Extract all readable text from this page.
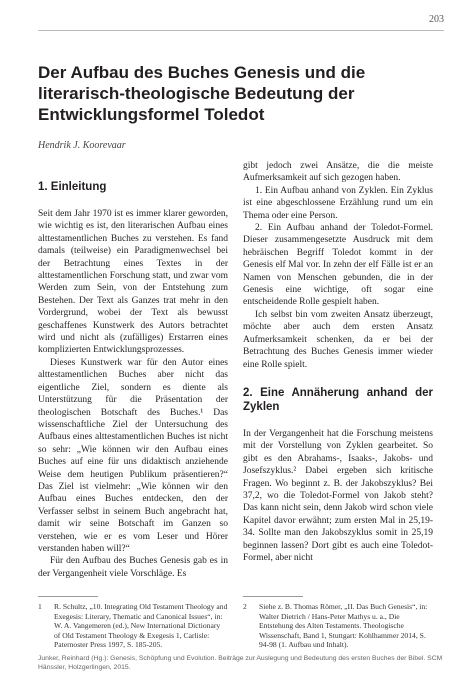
203
Der Aufbau des Buches Genesis und die literarisch-theologische Bedeutung der Entwicklungsformel Toledot

Hendrik J. Koorevaar

1. Einleitung

Seit dem Jahr 1970 ist es immer klarer geworden, wie wichtig es ist, den literarischen Aufbau eines alttestamentlichen Buches zu verstehen. Es fand damals (teilweise) ein Paradigmenwechsel bei der Betrachtung eines Textes in der alttestamentlichen Forschung statt, und zwar vom Werden zum Sein, von der Entstehung zum Bestehen. Der Text als Ganzes trat mehr in den Vordergrund, wobei der Text als bewusst geschaffenes Kunstwerk des Autors betrachtet wird und nicht als (zufälliges) Erstarren eines komplizierten Entwicklungsprozesses.

Dieses Kunstwerk war für den Autor eines alttestamentlichen Buches aber nicht das eigentliche Ziel, sondern es diente als Unterstützung für die Präsentation der theologischen Botschaft des Buches.¹ Das wissenschaftliche Ziel der Untersuchung des Aufbaus eines alttestamentlichen Buches ist nicht so sehr: „Wie können wir den Aufbau eines Buches auf eine für uns didaktisch anziehende Weise dem heutigen Publikum präsentieren?“ Das Ziel ist vielmehr: „Wie können wir den Aufbau eines Buches entdecken, den der Verfasser selbst in seinem Buch angebracht hat, damit wir seine Botschaft im Ganzen so verstehen, wie er es vom Leser und Hörer verstanden haben will?“

Für den Aufbau des Buches Genesis gab es in der Vergangenheit viele Vorschläge. Es

gibt jedoch zwei Ansätze, die die meiste Aufmerksamkeit auf sich gezogen haben.

1. Ein Aufbau anhand von Zyklen. Ein Zyklus ist eine abgeschlossene Erzählung rund um ein Thema oder eine Person.

2. Ein Aufbau anhand der Toledot-Formel. Dieser zusammengesetzte Ausdruck mit dem hebräischen Begriff Toledot kommt in der Genesis elf Mal vor. In zehn der elf Fälle ist er an Namen von Menschen gebunden, die in der Genesis eine wichtige, oft sogar eine entscheidende Rolle gespielt haben.

Ich selbst bin vom zweiten Ansatz überzeugt, möchte aber auch dem ersten Ansatz Aufmerksamkeit schenken, da er bei der Betrachtung des Buches Genesis immer wieder eine Rolle spielt.

2. Eine Annäherung anhand der Zyklen

In der Vergangenheit hat die Forschung meistens mit der Vorstellung von Zyklen gearbeitet. So gibt es den Abrahams-, Isaaks-, Jakobs- und Josefszyklus.² Dabei ergeben sich kritische Fragen. Wo beginnt z. B. der Jakobszyklus? Bei 37,2, wo die Toledot-Formel von Jakob steht? Das kann nicht sein, denn Jakob wird schon viele Kapitel davor erwähnt; zum ersten Mal in 25,19-34. Sollte man den Jakobszyklus somit in 25,19 beginnen lassen? Dort gibt es auch eine Toledot-Formel, aber nicht

1 R. Schultz, „10. Integrating Old Testament Theology and Exegesis: Literary, Thematic and Canonical Issues“, in: W. A. Vangemeren (ed.), New International Dictionary of Old Testament Theology & Exegesis 1, Carlisle: Paternoster Press 1997, S. 185-205.
2 Siehe z. B. Thomas Römer, „II. Das Buch Genesis“, in: Walter Dietrich / Hans-Peter Mathys u. a., Die Entstehung des Alten Testaments. Theologische Wissenschaft, Band 1, Stuttgart: Kohlhammer 2014, S. 94-98 (1. Aufbau und Inhalt).
Junker, Reinhard (Hg.): Genesis, Schöpfung und Evolution. Beiträge zur Auslegung und Bedeutung des ersten Buches der Bibel. SCM Hänssler, Holzgerlingen, 2015.
